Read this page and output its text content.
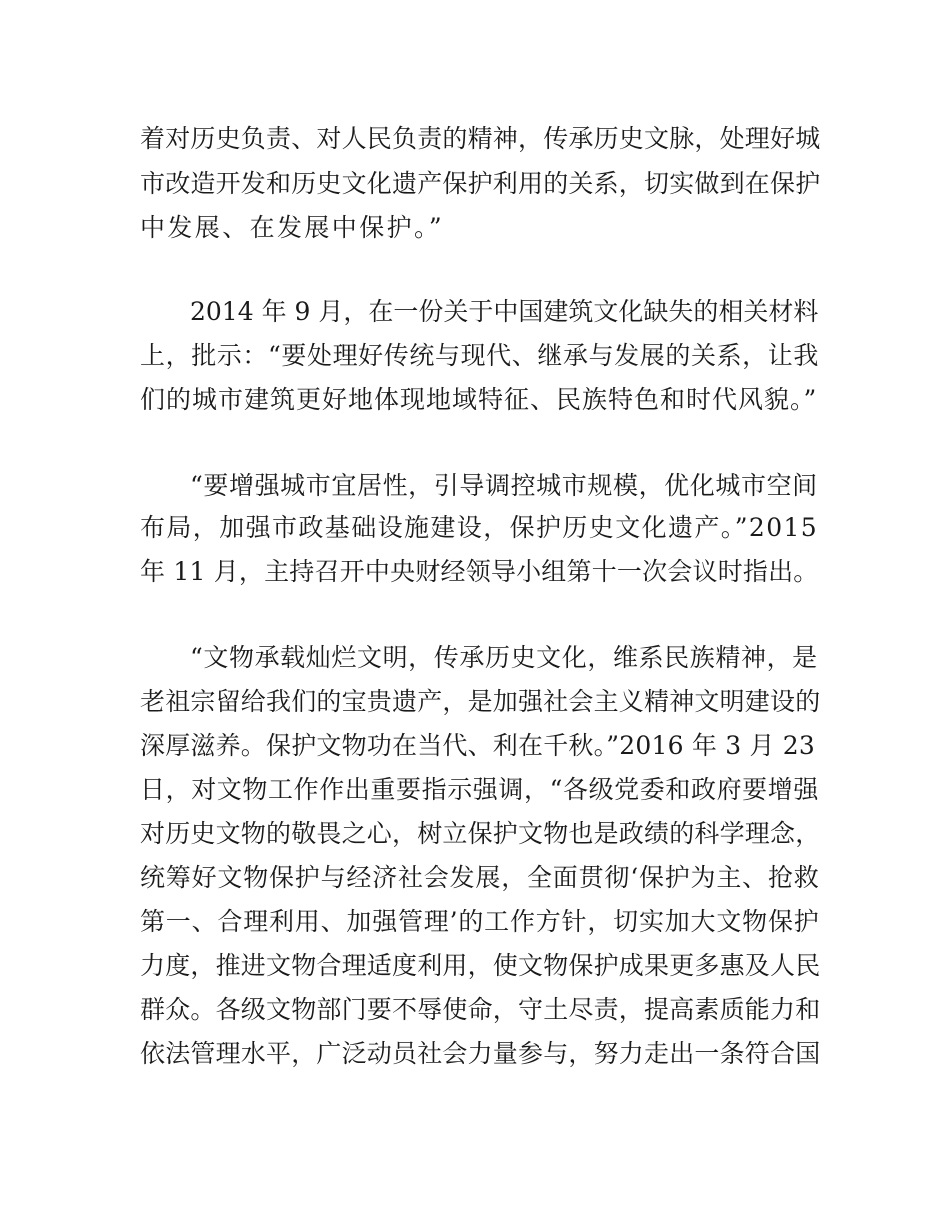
着对历史负责、对人民负责的精神，传承历史文脉，处理好城
市改造开发和历史文化遗产保护利用的关系，切实做到在保护
中发展、在发展中保护。”
2014 年 9 月，在一份关于中国建筑文化缺失的相关材料
上，批示：“要处理好传统与现代、继承与发展的关系，让我
们的城市建筑更好地体现地域特征、民族特色和时代风貌。”
“要增强城市宜居性，引导调控城市规模，优化城市空间
布局，加强市政基础设施建设，保护历史文化遗产。”2015
年 11 月，主持召开中央财经领导小组第十一次会议时指出。
“文物承载灿烂文明，传承历史文化，维系民族精神，是
老祖宗留给我们的宝贵遗产，是加强社会主义精神文明建设的
深厚滋养。保护文物功在当代、利在千秋。”2016 年 3 月 23
日，对文物工作作出重要指示强调，“各级党委和政府要增强
对历史文物的敬畏之心，树立保护文物也是政绩的科学理念，
统筹好文物保护与经济社会发展，全面贯彻‘保护为主、抢救
第一、合理利用、加强管理’的工作方针，切实加大文物保护
力度，推进文物合理适度利用，使文物保护成果更多惠及人民
群众。各级文物部门要不辱使命，守土尽责，提高素质能力和
依法管理水平，广泛动员社会力量参与，努力走出一条符合国
